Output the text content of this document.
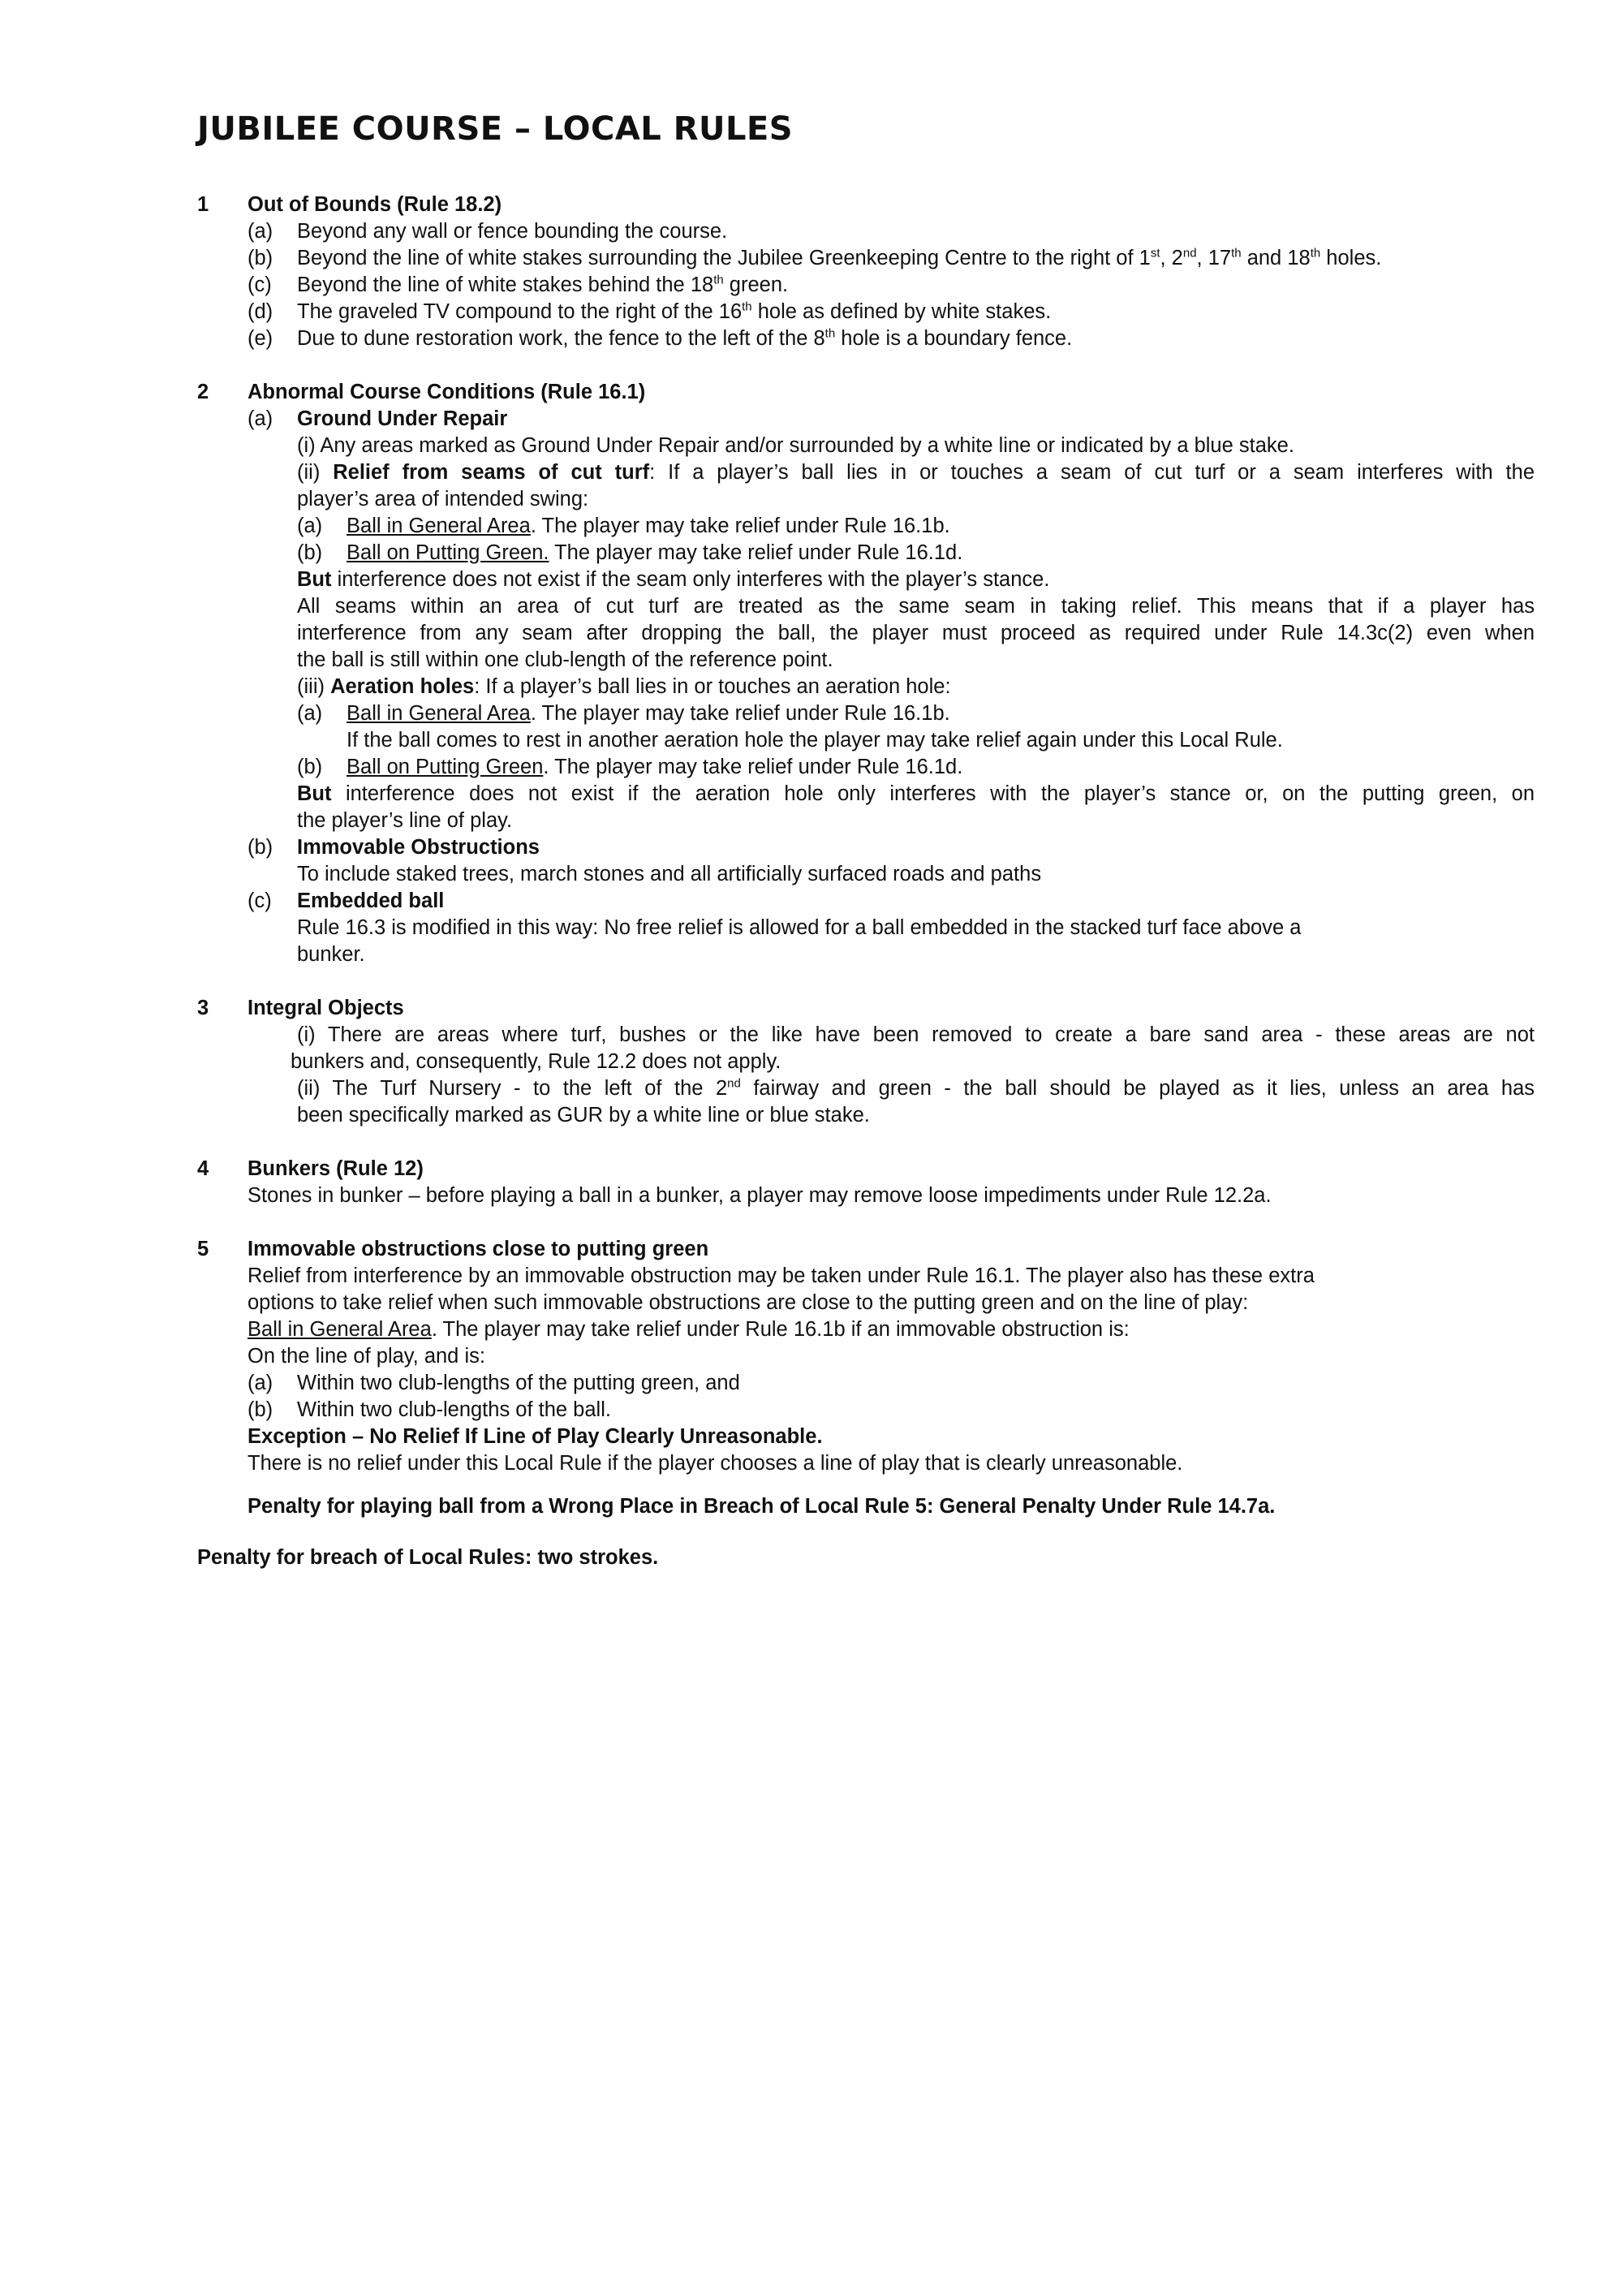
JUBILEE COURSE – LOCAL RULES
1 Out of Bounds (Rule 18.2)
(a) Beyond any wall or fence bounding the course.
(b) Beyond the line of white stakes surrounding the Jubilee Greenkeeping Centre to the right of 1st, 2nd, 17th and 18th holes.
(c) Beyond the line of white stakes behind the 18th green.
(d) The graveled TV compound to the right of the 16th hole as defined by white stakes.
(e) Due to dune restoration work, the fence to the left of the 8th hole is a boundary fence.
2 Abnormal Course Conditions (Rule 16.1)
(a) Ground Under Repair
(i) Any areas marked as Ground Under Repair and/or surrounded by a white line or indicated by a blue stake.
(ii) Relief from seams of cut turf: If a player’s ball lies in or touches a seam of cut turf or a seam interferes with the
player’s area of intended swing:
(a) Ball in General Area. The player may take relief under Rule 16.1b.
(b) Ball on Putting Green. The player may take relief under Rule 16.1d.
But interference does not exist if the seam only interferes with the player’s stance.
All seams within an area of cut turf are treated as the same seam in taking relief. This means that if a player has
interference from any seam after dropping the ball, the player must proceed as required under Rule 14.3c(2) even when
the ball is still within one club-length of the reference point.
(iii) Aeration holes: If a player’s ball lies in or touches an aeration hole:
(a) Ball in General Area. The player may take relief under Rule 16.1b.
If the ball comes to rest in another aeration hole the player may take relief again under this Local Rule.
(b) Ball on Putting Green. The player may take relief under Rule 16.1d.
But interference does not exist if the aeration hole only interferes with the player’s stance or, on the putting green, on
the player’s line of play.
(b) Immovable Obstructions
To include staked trees, march stones and all artificially surfaced roads and paths
(c) Embedded ball
Rule 16.3 is modified in this way: No free relief is allowed for a ball embedded in the stacked turf face above a
bunker.
3 Integral Objects
(i) There are areas where turf, bushes or the like have been removed to create a bare sand area - these areas are not
bunkers and, consequently, Rule 12.2 does not apply.
(ii) The Turf Nursery - to the left of the 2nd fairway and green - the ball should be played as it lies, unless an area has
been specifically marked as GUR by a white line or blue stake.
4 Bunkers (Rule 12)
Stones in bunker – before playing a ball in a bunker, a player may remove loose impediments under Rule 12.2a.
5 Immovable obstructions close to putting green
Relief from interference by an immovable obstruction may be taken under Rule 16.1. The player also has these extra
options to take relief when such immovable obstructions are close to the putting green and on the line of play:
Ball in General Area. The player may take relief under Rule 16.1b if an immovable obstruction is:
On the line of play, and is:
(a) Within two club-lengths of the putting green, and
(b) Within two club-lengths of the ball.
Exception – No Relief If Line of Play Clearly Unreasonable.
There is no relief under this Local Rule if the player chooses a line of play that is clearly unreasonable.
Penalty for playing ball from a Wrong Place in Breach of Local Rule 5: General Penalty Under Rule 14.7a.
Penalty for breach of Local Rules: two strokes.
